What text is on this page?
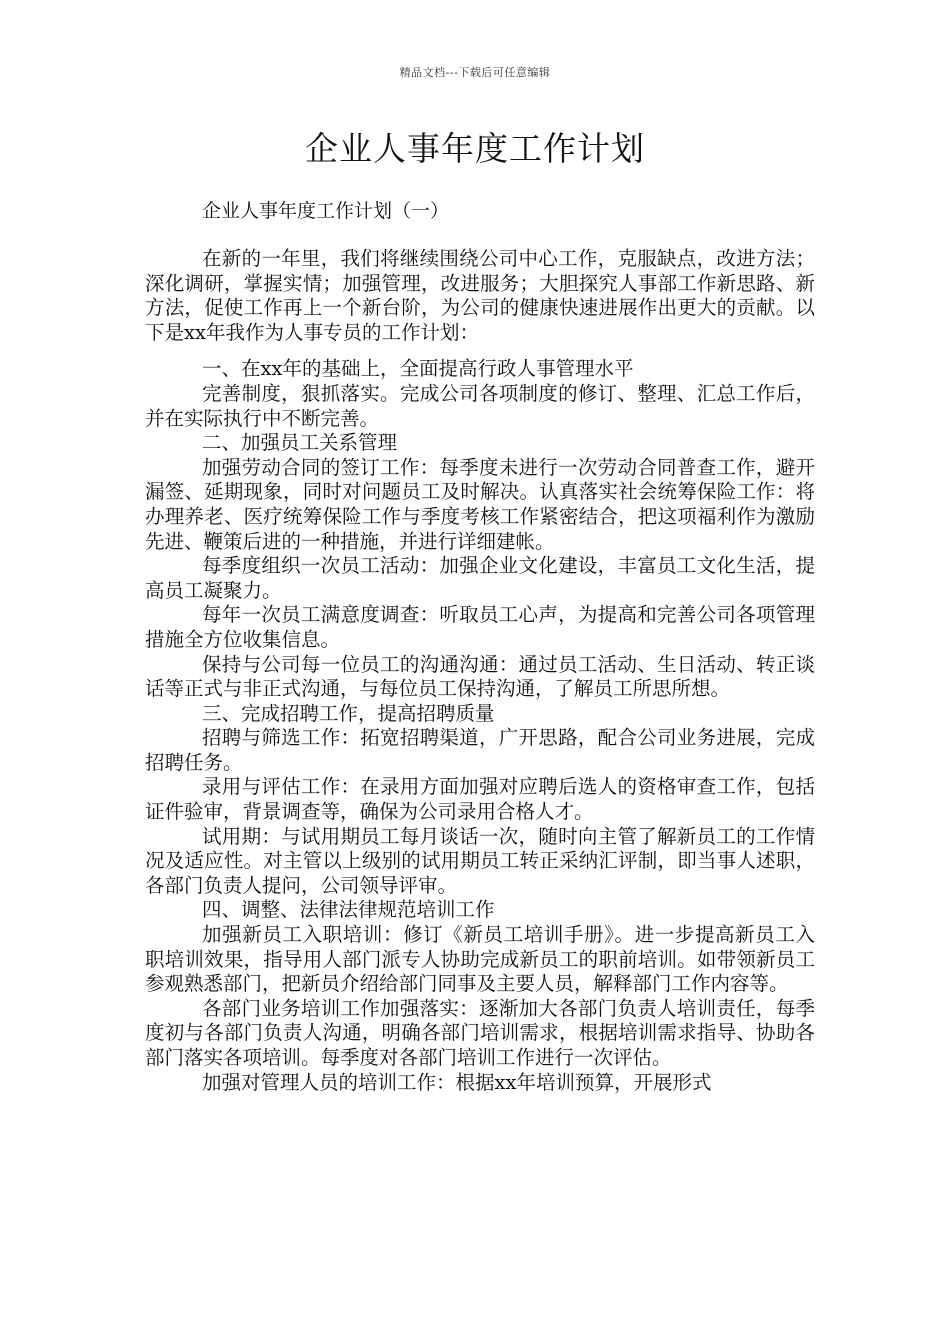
精品文档---下载后可任意编辑
企业人事年度工作计划
企业人事年度工作计划（一）

在新的一年里，我们将继续围绕公司中心工作，克服缺点，改进方法；深化调研，掌握实情；加强管理，改进服务；大胆探究人事部工作新思路、新方法，促使工作再上一个新台阶，为公司的健康快速进展作出更大的贡献。以下是xx年我作为人事专员的工作计划：

一、在xx年的基础上，全面提高行政人事管理水平

完善制度，狠抓落实。完成公司各项制度的修订、整理、汇总工作后，并在实际执行中不断完善。

二、加强员工关系管理

加强劳动合同的签订工作：每季度未进行一次劳动合同普查工作，避开漏签、延期现象，同时对问题员工及时解决。认真落实社会统筹保险工作：将办理养老、医疗统筹保险工作与季度考核工作紧密结合，把这项福利作为激励先进、鞭策后进的一种措施，并进行详细建帐。

每季度组织一次员工活动：加强企业文化建设，丰富员工文化生活，提高员工凝聚力。

每年一次员工满意度调查：听取员工心声，为提高和完善公司各项管理措施全方位收集信息。

保持与公司每一位员工的沟通沟通：通过员工活动、生日活动、转正谈话等正式与非正式沟通，与每位员工保持沟通，了解员工所思所想。

三、完成招聘工作，提高招聘质量

招聘与筛选工作：拓宽招聘渠道，广开思路，配合公司业务进展，完成招聘任务。

录用与评估工作：在录用方面加强对应聘后选人的资格审查工作，包括证件验审，背景调查等，确保为公司录用合格人才。

试用期：与试用期员工每月谈话一次，随时向主管了解新员工的工作情况及适应性。对主管以上级别的试用期员工转正采纳汇评制，即当事人述职，各部门负责人提问，公司领导评审。

四、调整、法律法律规范培训工作

加强新员工入职培训：修订《新员工培训手册》。进一步提高新员工入职培训效果，指导用人部门派专人协助完成新员工的职前培训。如带领新员工参观熟悉部门，把新员介绍给部门同事及主要人员，解释部门工作内容等。

各部门业务培训工作加强落实：逐渐加大各部门负责人培训责任，每季度初与各部门负责人沟通，明确各部门培训需求，根据培训需求指导、协助各部门落实各项培训。每季度对各部门培训工作进行一次评估。

加强对管理人员的培训工作：根据xx年培训预算，开展形式
